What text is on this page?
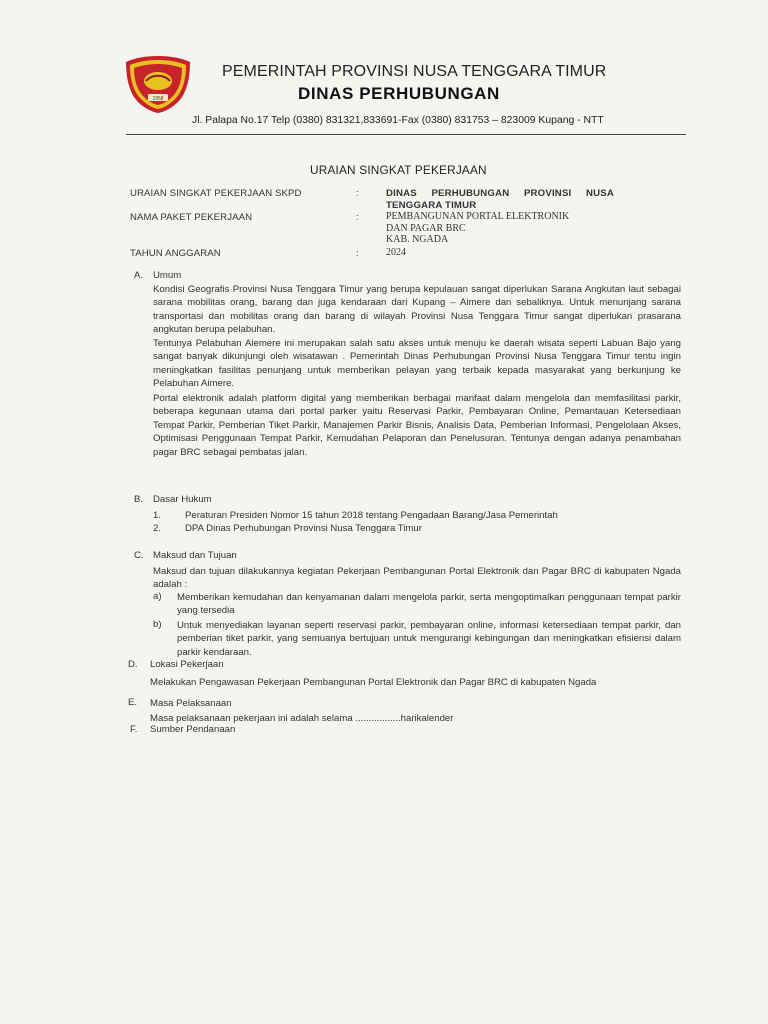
1958
PEMERINTAH PROVINSI NUSA TENGGARA TIMUR
DINAS PERHUBUNGAN
Jl. Palapa No.17 Telp (0380) 831321,833691-Fax (0380) 831753 – 823009 Kupang - NTT
URAIAN SINGKAT PEKERJAAN
URAIAN SINGKAT PEKERJAAN SKPD	:	DINAS PERHUBUNGAN PROVINSI NUSA
TENGGARA TIMUR
NAMA PAKET PEKERJAAN	:	PEMBANGUNAN PORTAL ELEKTRONIK
DAN PAGAR BRC
KAB. NGADA
TAHUN ANGGARAN	:	2024
A. Umum
Kondisi Geografis Provinsi Nusa Tenggara Timur yang berupa kepulauan sangat diperlukan Sarana Angkutan laut sebagai sarana mobilitas orang, barang dan juga kendaraan dari Kupang – Aimere dan sebaliknya. Untuk menunjang sarana transportasi dan mobilitas orang dan barang di wilayah Provinsi Nusa Tenggara Timur sangat diperlukan prasarana angkutan berupa pelabuhan.
Tentunya Pelabuhan Aiemere ini merupakan salah satu akses untuk menuju ke daerah wisata seperti Labuan Bajo yang sangat banyak dikunjungi oleh wisatawan . Pemerintah Dinas Perhubungan Provinsi Nusa Tenggara Timur tentu ingin meningkatkan fasilitas penunjang untuk memberikan pelayan yang terbaik kepada masyarakat yang berkunjung ke Pelabuhan Aimere.
Portal elektronik adalah platform digital yang memberikan berbagai manfaat dalam mengelola dan memfasilitasi parkir, beberapa kegunaan utama dari portal parker yaitu Reservasi Parkir, Pembayaran Online, Pemantauan Ketersediaan Tempat Parkir, Pemberian Tiket Parkir, Manajemen Parkir Bisnis, Analisis Data, Pemberian Informasi, Pengelolaan Akses, Optimisasi Penggunaan Tempat Parkir, Kemudahan Pelaporan dan Penelusuran. Tentunya dengan adanya penambahan pagar BRC sebagai pembatas jalan.
B. Dasar Hukum
1. Peraturan Presiden Nomor 15 tahun 2018 tentang Pengadaan Barang/Jasa Pemerintah
2. DPA Dinas Perhubungan Provinsi Nusa Tenggara Timur
C. Maksud dan Tujuan
Maksud dan tujuan dilakukannya kegiatan Pekerjaan Pembangunan Portal Elektronik dan Pagar BRC di kabupaten Ngada adalah :
a) Memberikan kemudahan dan kenyamanan dalam mengelola parkir, serta mengoptimalkan penggunaan tempat parkir yang tersedia
b) Untuk menyediakan layanan seperti reservasi parkir, pembayaran online, informasi ketersediaan tempat parkir, dan pemberian tiket parkir, yang semuanya bertujuan untuk mengurangi kebingungan dan meningkatkan efisiensi dalam parkir kendaraan.
D. Lokasi Pekerjaan
Melakukan Pengawasan Pekerjaan Pembangunan Portal Elektronik dan Pagar BRC di kabupaten Ngada
E. Masa Pelaksanaan
Masa pelaksanaan pekerjaan ini adalah selama .................harikalender
F. Sumber Pendanaan
